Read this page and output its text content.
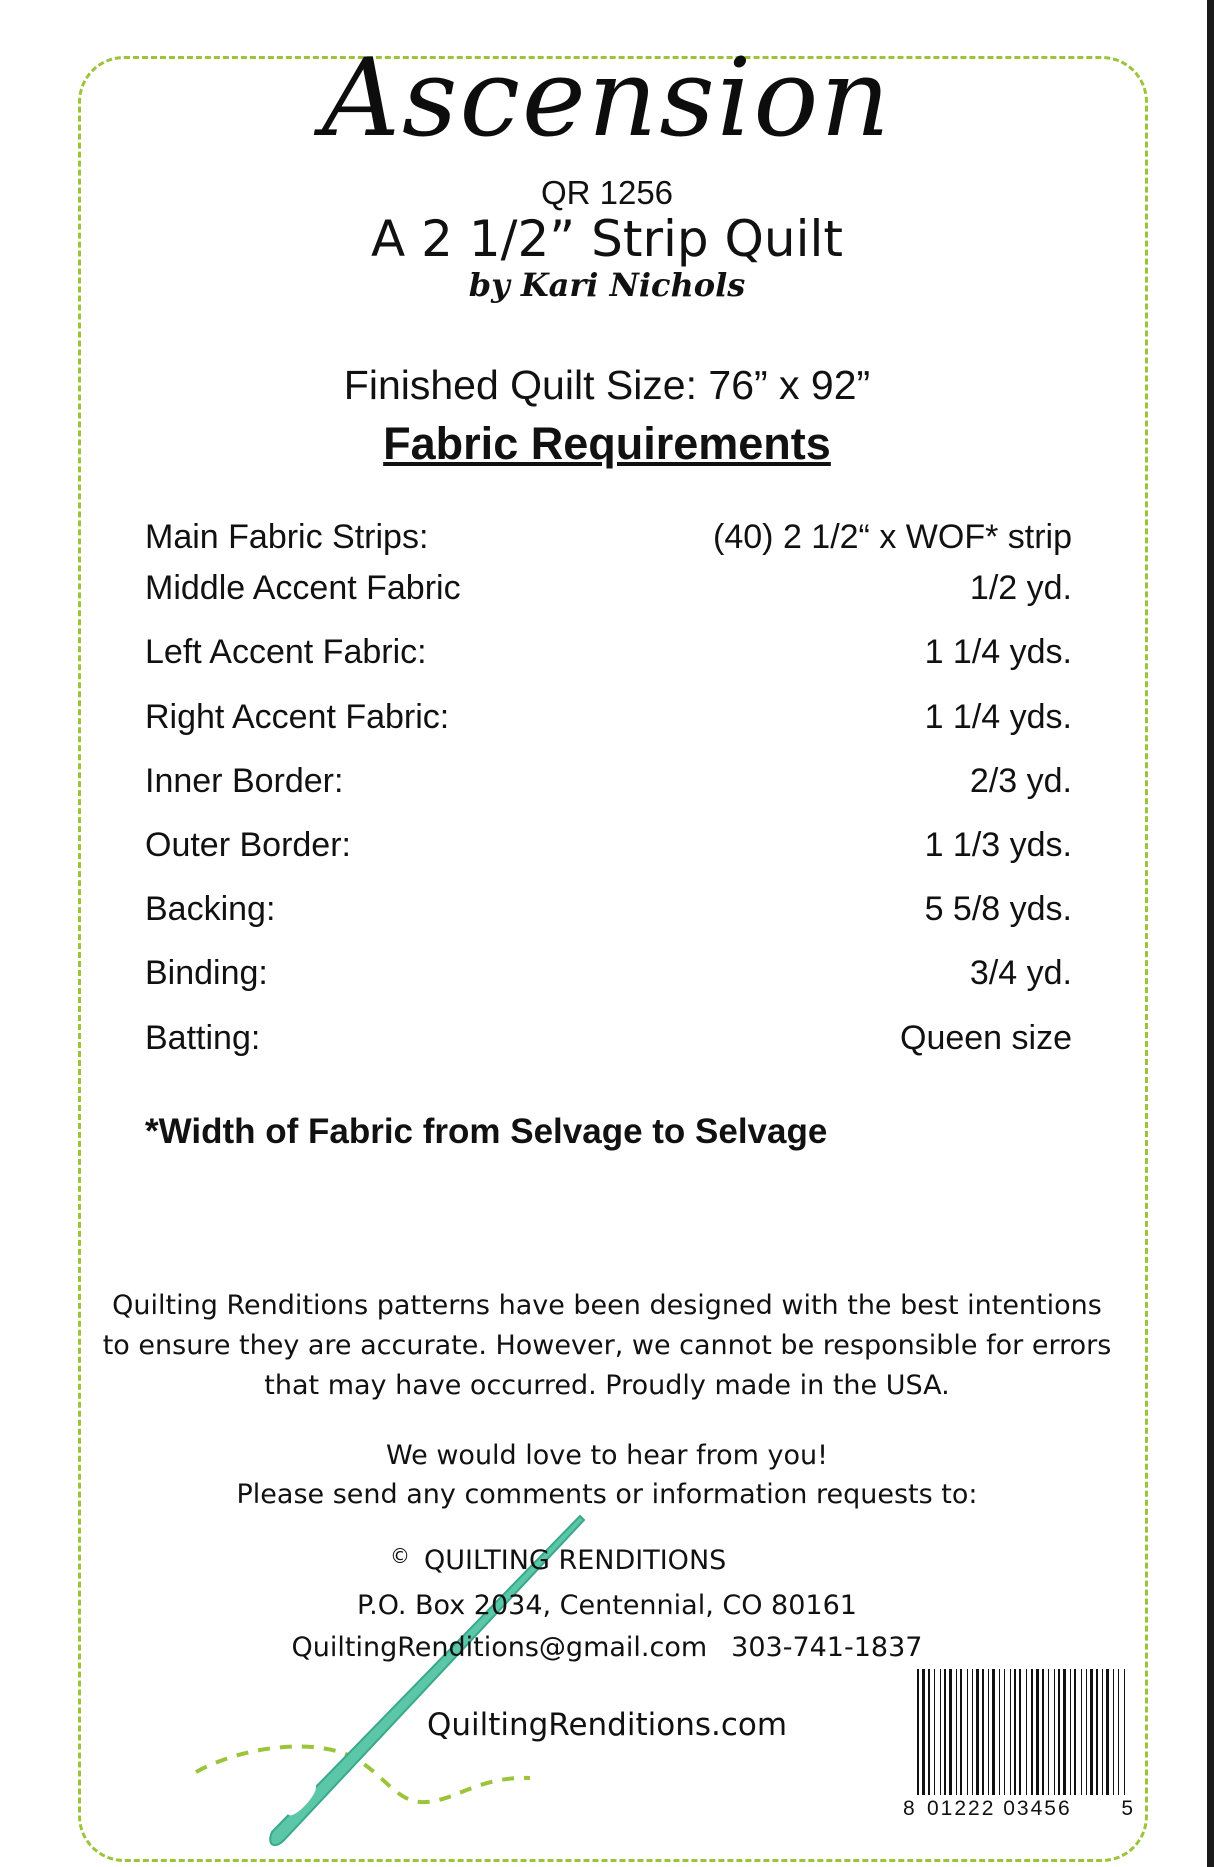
Ascension
QR 1256
A 2 1/2” Strip Quilt
by Kari Nichols
Finished Quilt Size: 76” x 92”
Fabric Requirements
Main Fabric Strips:	(40) 2 1/2“ x WOF* strip
Middle Accent Fabric	1/2 yd.
Left Accent Fabric:	1 1/4 yds.
Right Accent Fabric:	1 1/4 yds.
Inner Border:	2/3 yd.
Outer Border:	1 1/3 yds.
Backing:	5 5/8 yds.
Binding:	3/4 yd.
Batting:	Queen size
*Width of Fabric from Selvage to Selvage
Quilting Renditions patterns have been designed with the best intentions
to ensure they are accurate. However, we cannot be responsible for errors
that may have occurred. Proudly made in the USA.
We would love to hear from you!
Please send any comments or information requests to:
© QUILTING RENDITIONS
P.O. Box 2034, Centennial, CO 80161
QuiltingRenditions@gmail.com 303-741-1837
QuiltingRenditions.com
8 01222 03456 5
